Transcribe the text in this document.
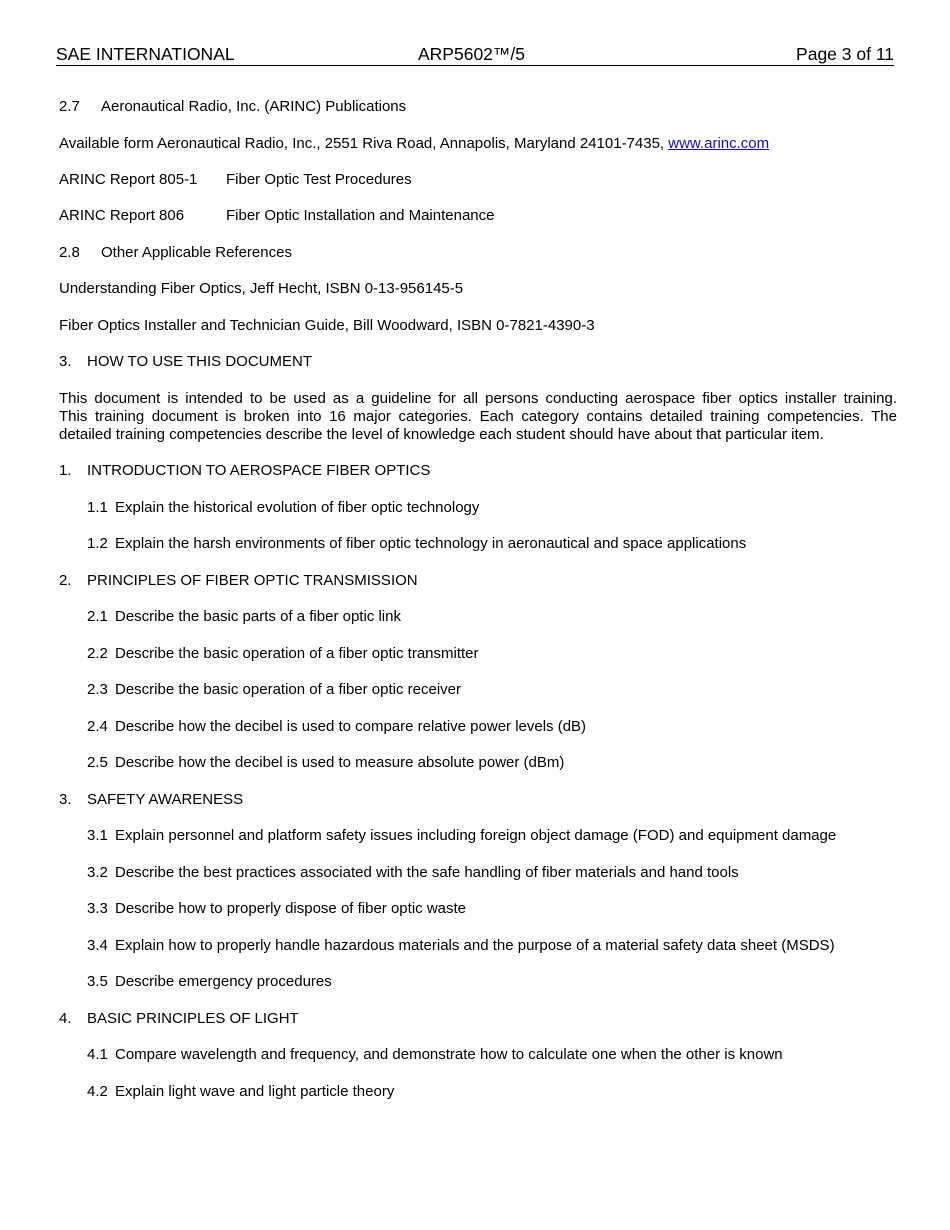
SAE INTERNATIONAL	ARP5602™/5	Page 3 of 11
2.7 Aeronautical Radio, Inc. (ARINC) Publications
Available form Aeronautical Radio, Inc., 2551 Riva Road, Annapolis, Maryland 24101-7435, www.arinc.com
ARINC Report 805-1 Fiber Optic Test Procedures
ARINC Report 806	Fiber Optic Installation and Maintenance
2.8 Other Applicable References
Understanding Fiber Optics, Jeff Hecht, ISBN 0-13-956145-5
Fiber Optics Installer and Technician Guide, Bill Woodward, ISBN 0-7821-4390-3
3. HOW TO USE THIS DOCUMENT
This document is intended to be used as a guideline for all persons conducting aerospace fiber optics installer training.
This training document is broken into 16 major categories. Each category contains detailed training competencies. The
detailed training competencies describe the level of knowledge each student should have about that particular item.
1. INTRODUCTION TO AEROSPACE FIBER OPTICS
1.1 Explain the historical evolution of fiber optic technology
1.2 Explain the harsh environments of fiber optic technology in aeronautical and space applications
2. PRINCIPLES OF FIBER OPTIC TRANSMISSION
2.1 Describe the basic parts of a fiber optic link
2.2 Describe the basic operation of a fiber optic transmitter
2.3 Describe the basic operation of a fiber optic receiver
2.4 Describe how the decibel is used to compare relative power levels (dB)
2.5 Describe how the decibel is used to measure absolute power (dBm)
3. SAFETY AWARENESS
3.1 Explain personnel and platform safety issues including foreign object damage (FOD) and equipment damage
3.2 Describe the best practices associated with the safe handling of fiber materials and hand tools
3.3 Describe how to properly dispose of fiber optic waste
3.4 Explain how to properly handle hazardous materials and the purpose of a material safety data sheet (MSDS)
3.5 Describe emergency procedures
4. BASIC PRINCIPLES OF LIGHT
4.1 Compare wavelength and frequency, and demonstrate how to calculate one when the other is known
4.2 Explain light wave and light particle theory
